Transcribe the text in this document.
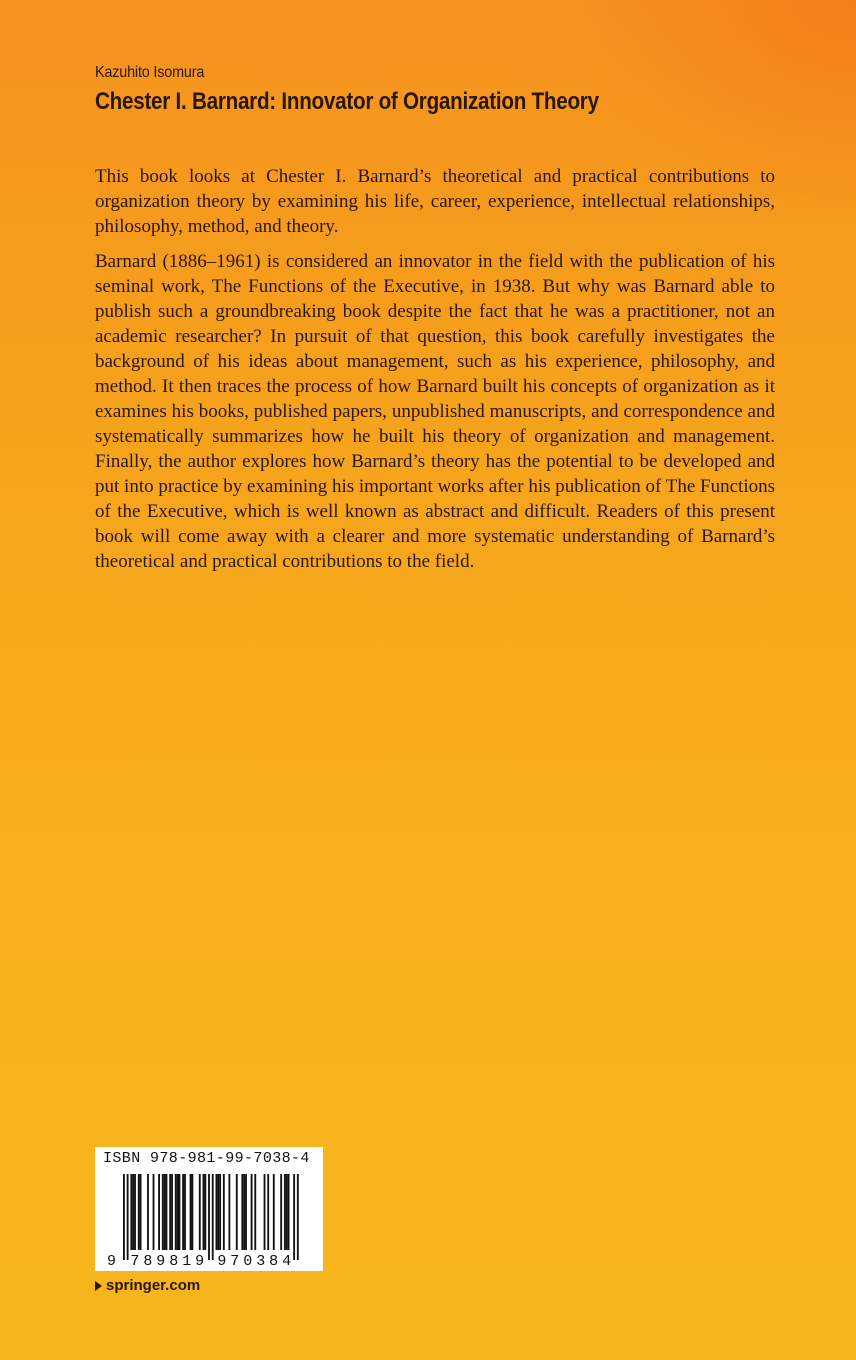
Kazuhito Isomura
Chester I. Barnard: Innovator of Organization Theory

This book looks at Chester I. Barnard’s theoretical and practical contributions to organization theory by examining his life, career, experience, intellectual relationships, philosophy, method, and theory.

Barnard (1886–1961) is considered an innovator in the field with the publication of his seminal work, The Functions of the Executive, in 1938. But why was Barnard able to publish such a groundbreaking book despite the fact that he was a practitioner, not an academic researcher? In pursuit of that question, this book carefully investigates the background of his ideas about management, such as his experience, philosophy, and method. It then traces the process of how Barnard built his concepts of organization as it examines his books, published papers, unpublished manuscripts, and correspondence and systematically summarizes how he built his theory of organization and management. Finally, the author explores how Barnard’s theory has the potential to be developed and put into practice by examining his important works after his publication of The Functions of the Executive, which is well known as abstract and difficult. Readers of this present book will come away with a clearer and more systematic understanding of Barnard’s theoretical and practical contributions to the field.

ISBN 978-981-99-7038-4
9 7 8 9 8 1 9 9 7 0 3 8 4
springer.com
